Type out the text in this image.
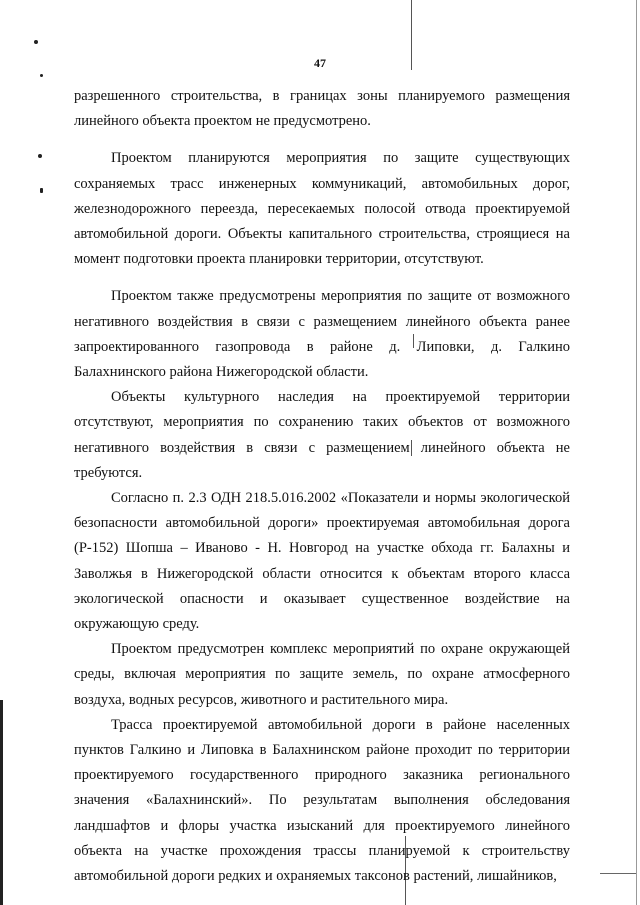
47

разрешенного строительства, в границах зоны планируемого размещения линейного объекта проектом не предусмотрено.

Проектом планируются мероприятия по защите существующих сохраняемых трасс инженерных коммуникаций, автомобильных дорог, железнодорожного переезда, пересекаемых полосой отвода проектируемой автомобильной дороги. Объекты капитального строительства, строящиеся на момент подготовки проекта планировки территории, отсутствуют.

Проектом также предусмотрены мероприятия по защите от возможного негативного воздействия в связи с размещением линейного объекта ранее запроектированного газопровода в районе д. Липовки, д. Галкино Балахнинского района Нижегородской области.

Объекты культурного наследия на проектируемой территории отсутствуют, мероприятия по сохранению таких объектов от возможного негативного воздействия в связи с размещением линейного объекта не требуются.

Согласно п. 2.3 ОДН 218.5.016.2002 «Показатели и нормы экологической безопасности автомобильной дороги» проектируемая автомобильная дорога (Р-152) Шопша – Иваново - Н. Новгород на участке обхода гг. Балахны и Заволжья в Нижегородской области относится к объектам второго класса экологической опасности и оказывает существенное воздействие на окружающую среду.

Проектом предусмотрен комплекс мероприятий по охране окружающей среды, включая мероприятия по защите земель, по охране атмосферного воздуха, водных ресурсов, животного и растительного мира.

Трасса проектируемой автомобильной дороги в районе населенных пунктов Галкино и Липовка в Балахнинском районе проходит по территории проектируемого государственного природного заказника регионального значения «Балахнинский». По результатам выполнения обследования ландшафтов и флоры участка изысканий для проектируемого линейного объекта на участке прохождения трассы планируемой к строительству автомобильной дороги редких и охраняемых таксонов растений, лишайников,
